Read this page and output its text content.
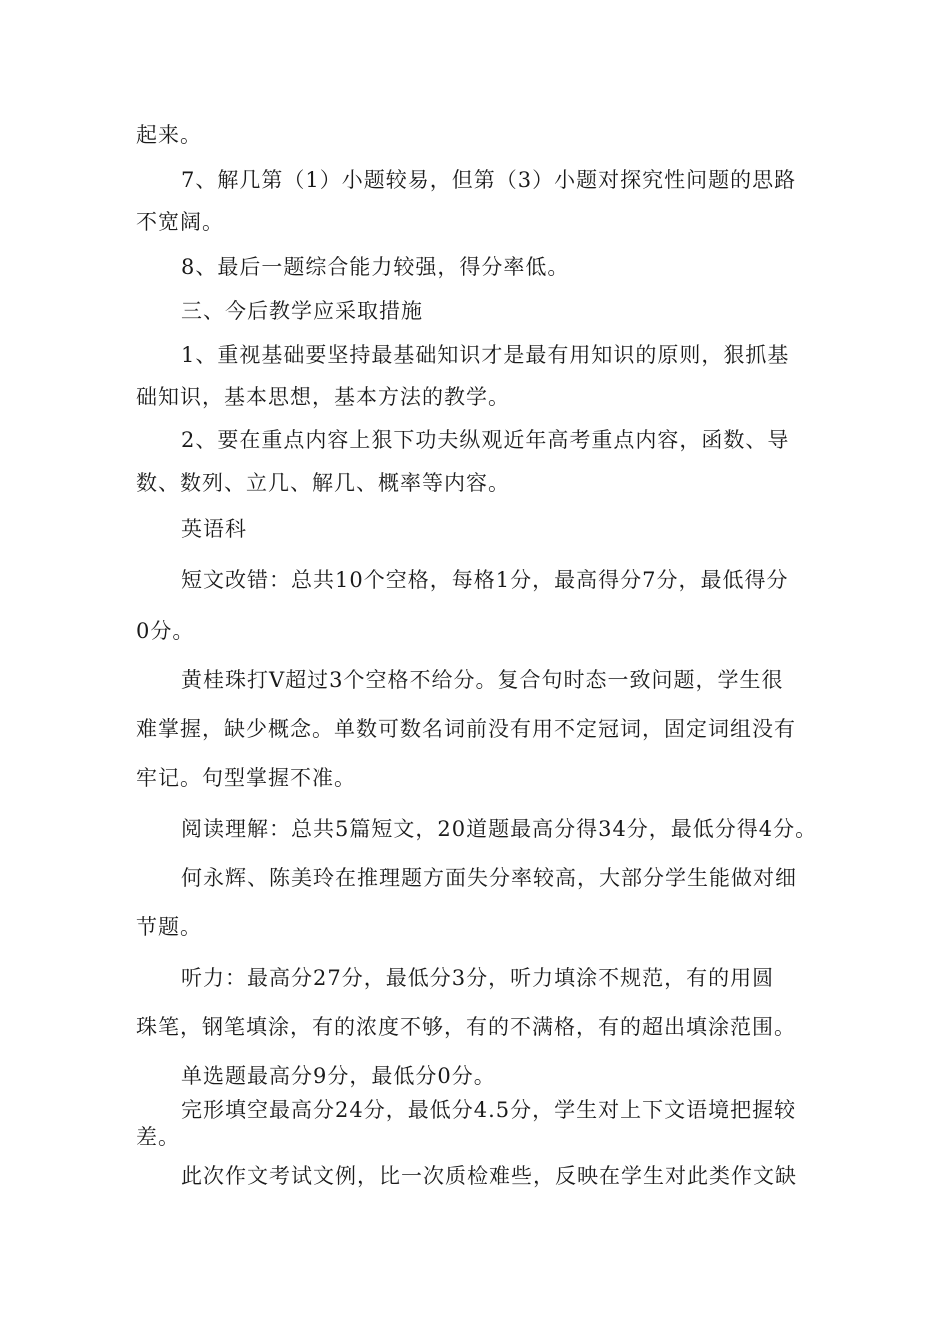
起来。
7、解几第（1）小题较易，但第（3）小题对探究性问题的思路
不宽阔。
8、最后一题综合能力较强，得分率低。
三、今后教学应采取措施
1、重视基础要坚持最基础知识才是最有用知识的原则，狠抓基
础知识，基本思想，基本方法的教学。
2、要在重点内容上狠下功夫纵观近年高考重点内容，函数、导
数、数列、立几、解几、概率等内容。
英语科
短文改错：总共10个空格，每格1分，最高得分7分，最低得分
0分。
黄桂珠打V超过3个空格不给分。复合句时态一致问题，学生很
难掌握，缺少概念。单数可数名词前没有用不定冠词，固定词组没有
牢记。句型掌握不准。
阅读理解：总共5篇短文，20道题最高分得34分，最低分得4分。
何永辉、陈美玲在推理题方面失分率较高，大部分学生能做对细
节题。
听力：最高分27分，最低分3分，听力填涂不规范，有的用圆
珠笔，钢笔填涂，有的浓度不够，有的不满格，有的超出填涂范围。
单选题最高分9分，最低分0分。
完形填空最高分24分，最低分4.5分，学生对上下文语境把握较
差。
此次作文考试文例，比一次质检难些，反映在学生对此类作文缺
